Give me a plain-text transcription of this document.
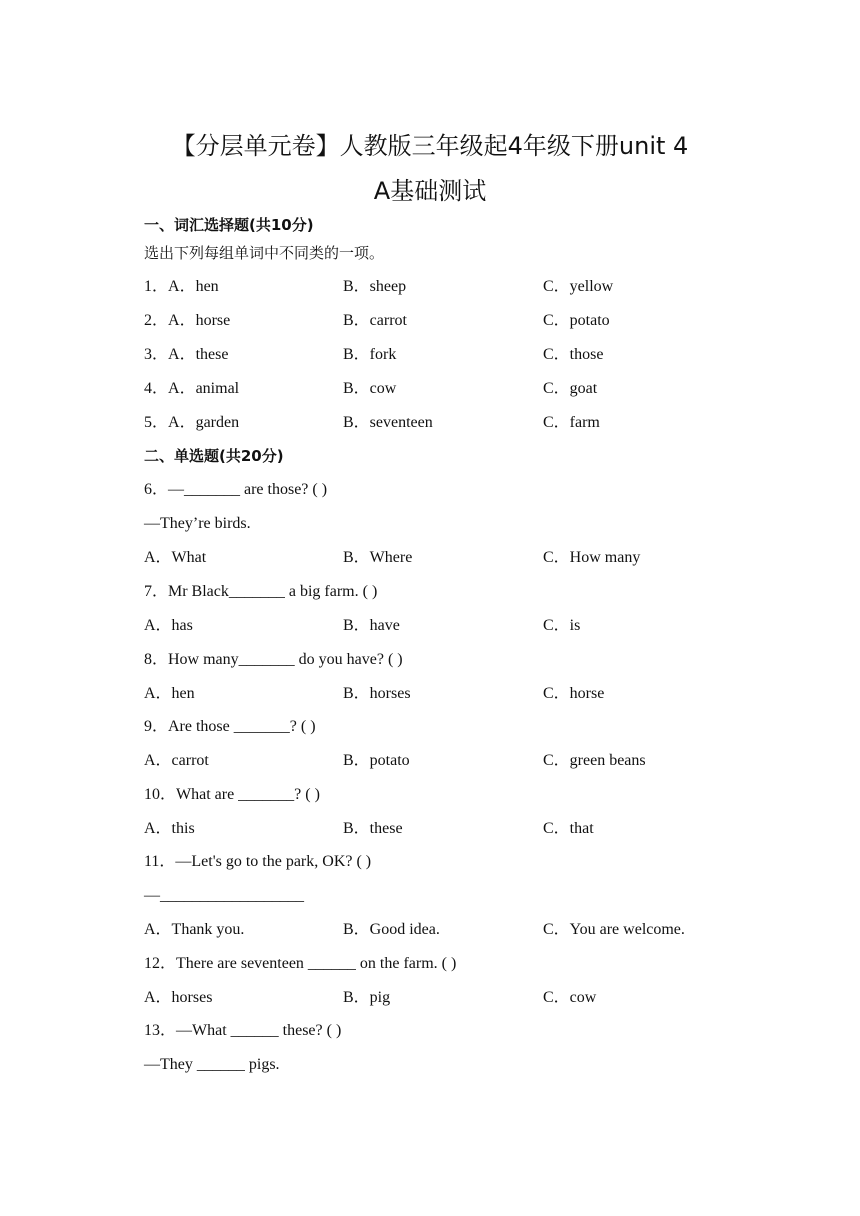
【分层单元卷】人教版三年级起4年级下册unit 4
A基础测试
一、词汇选择题(共10分)
选出下列每组单词中不同类的一项。
1．A．hen	B．sheep	C．yellow
2．A．horse	B．carrot	C．potato
3．A．these	B．fork	C．those
4．A．animal	B．cow	C．goat
5．A．garden	B．seventeen	C．farm
二、单选题(共20分)
6．—_______ are those? ( )
—They’re birds.
A．What	B．Where	C．How many
7．Mr Black_______ a big farm. ( )
A．has	B．have	C．is
8．How many_______ do you have? ( )
A．hen	B．horses	C．horse
9．Are those _______? ( )
A．carrot	B．potato	C．green beans
10．What are _______? ( )
A．this	B．these	C．that
11．—Let's go to the park, OK? ( )
—__________________
A．Thank you.	B．Good idea.	C．You are welcome.
12．There are seventeen ______ on the farm. ( )
A．horses	B．pig	C．cow
13．—What ______ these? ( )
—They ______ pigs.
